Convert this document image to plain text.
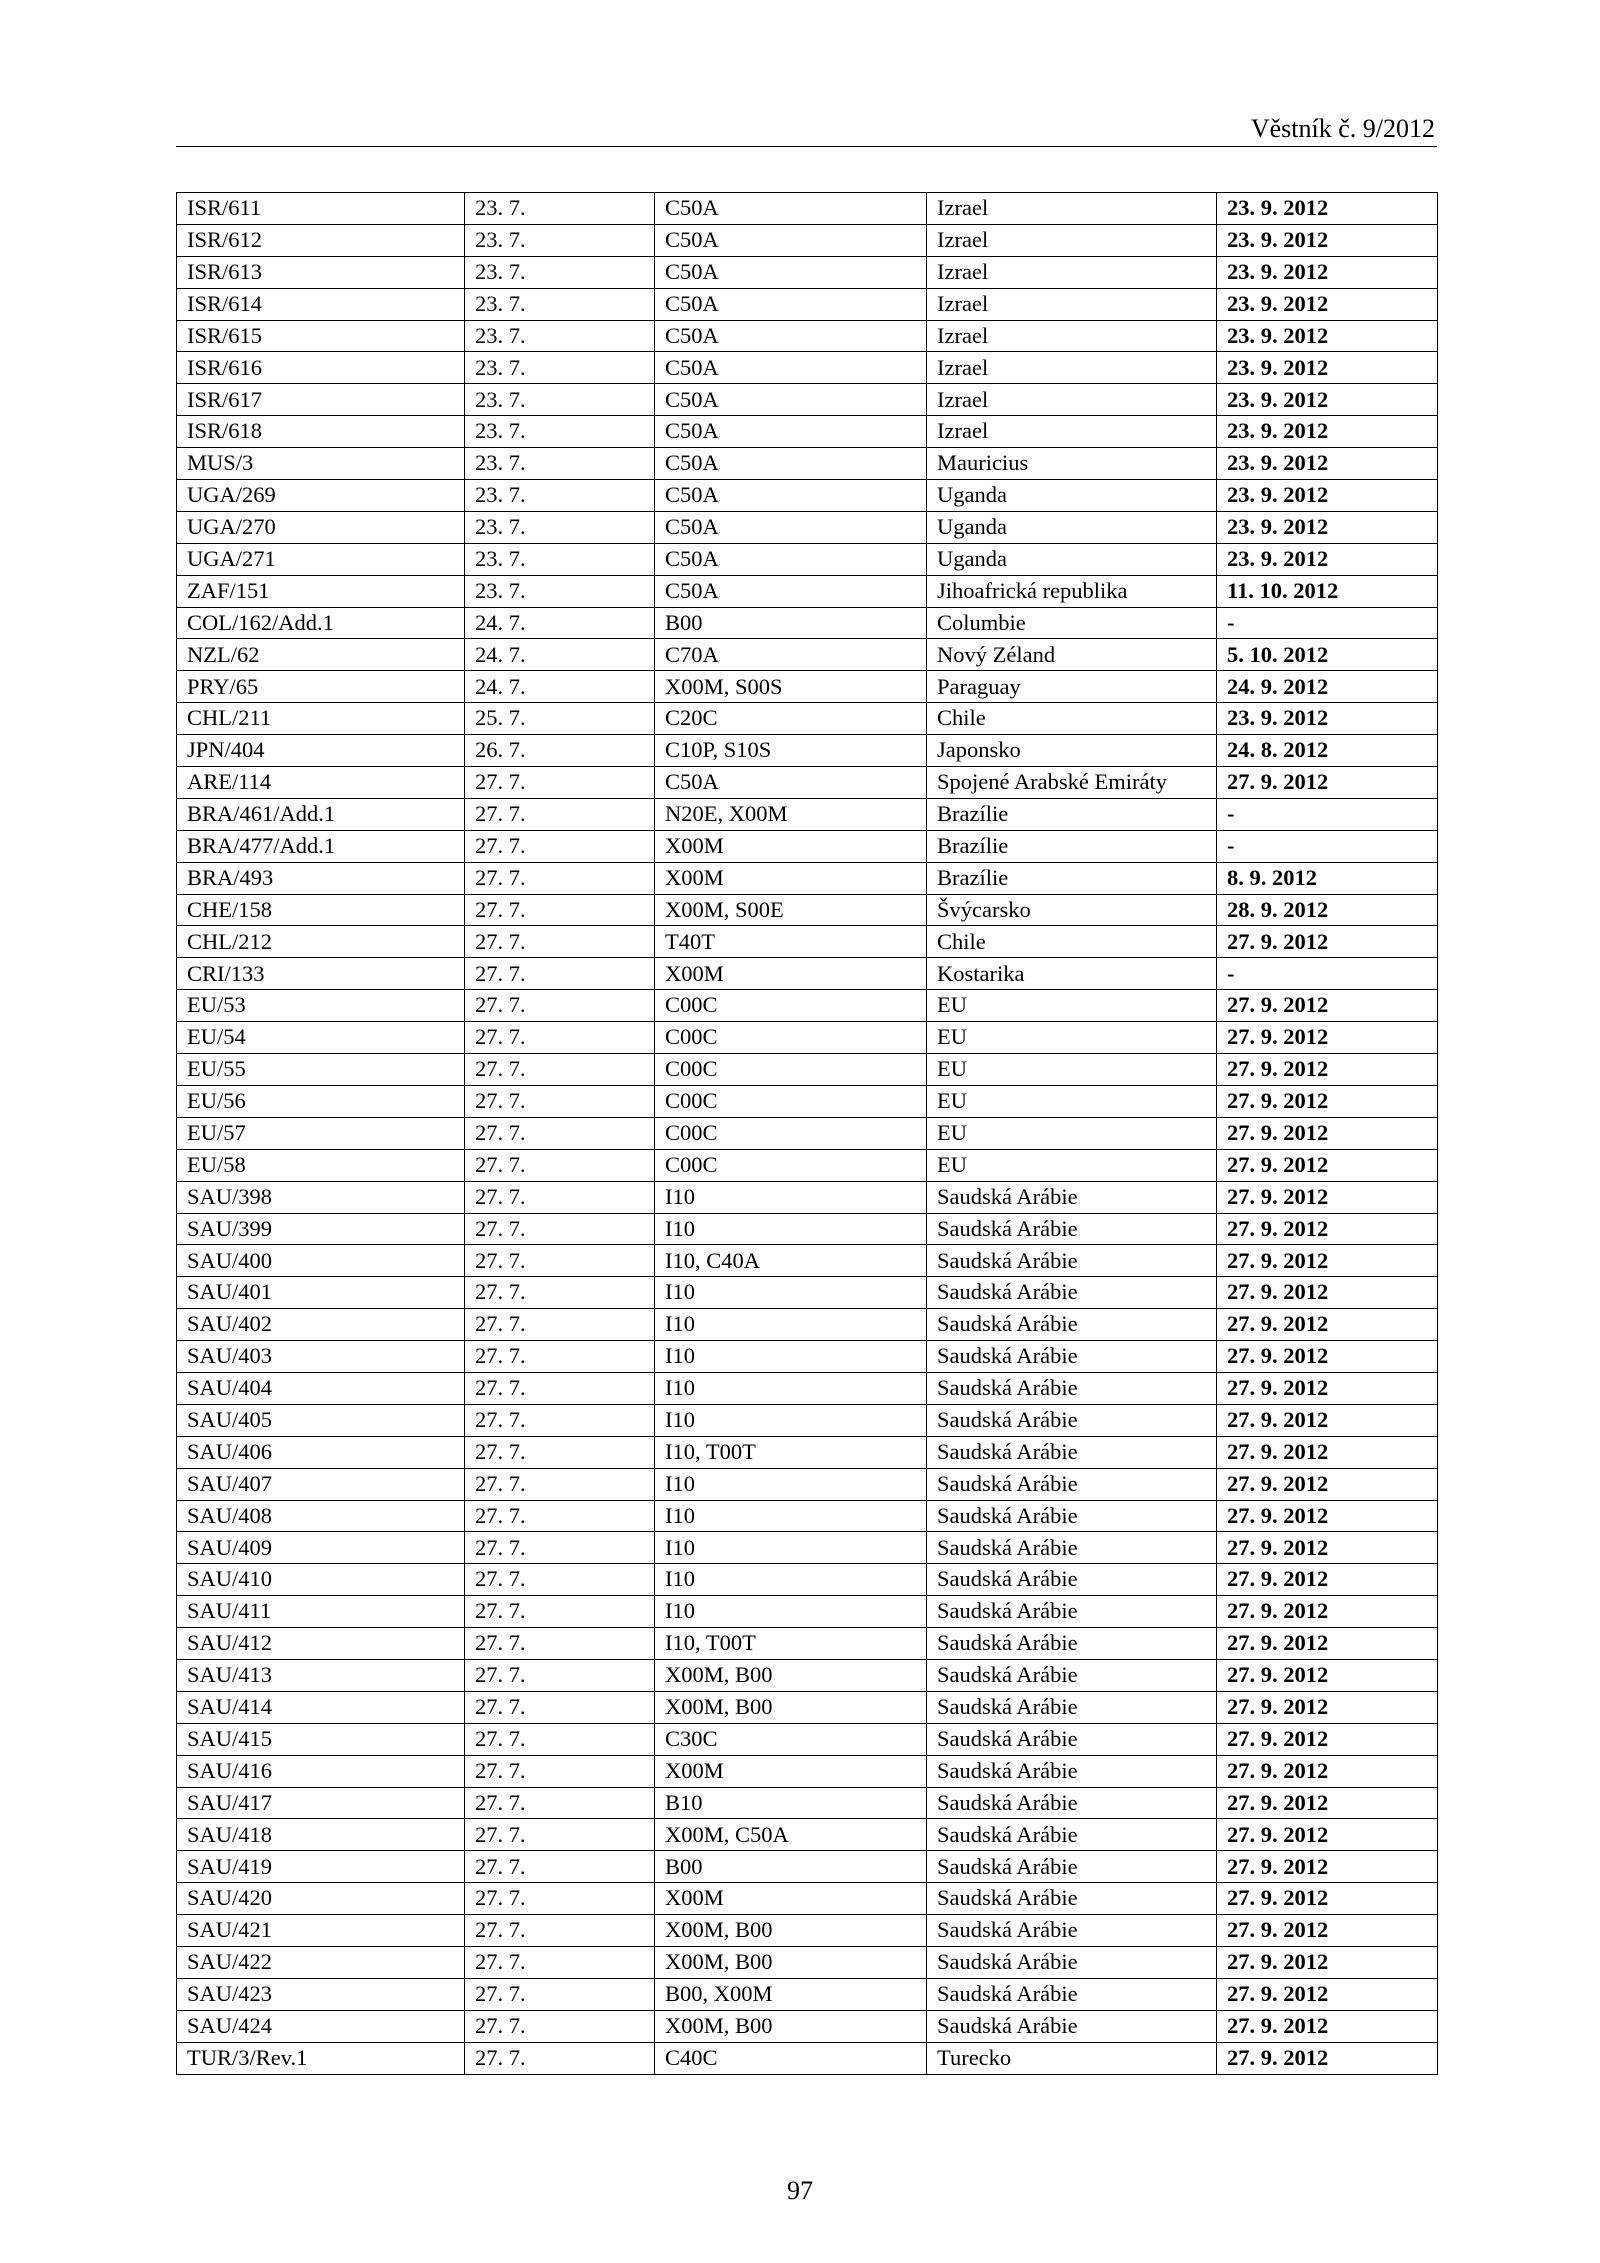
Věstník č. 9/2012
ISR/611	23. 7.	C50A	Izrael	23. 9. 2012
ISR/612	23. 7.	C50A	Izrael	23. 9. 2012
ISR/613	23. 7.	C50A	Izrael	23. 9. 2012
ISR/614	23. 7.	C50A	Izrael	23. 9. 2012
ISR/615	23. 7.	C50A	Izrael	23. 9. 2012
ISR/616	23. 7.	C50A	Izrael	23. 9. 2012
ISR/617	23. 7.	C50A	Izrael	23. 9. 2012
ISR/618	23. 7.	C50A	Izrael	23. 9. 2012
MUS/3	23. 7.	C50A	Mauricius	23. 9. 2012
UGA/269	23. 7.	C50A	Uganda	23. 9. 2012
UGA/270	23. 7.	C50A	Uganda	23. 9. 2012
UGA/271	23. 7.	C50A	Uganda	23. 9. 2012
ZAF/151	23. 7.	C50A	Jihoafrická republika	11. 10. 2012
COL/162/Add.1	24. 7.	B00	Columbie	-
NZL/62	24. 7.	C70A	Nový Zéland	5. 10. 2012
PRY/65	24. 7.	X00M, S00S	Paraguay	24. 9. 2012
CHL/211	25. 7.	C20C	Chile	23. 9. 2012
JPN/404	26. 7.	C10P, S10S	Japonsko	24. 8. 2012
ARE/114	27. 7.	C50A	Spojené Arabské Emiráty	27. 9. 2012
BRA/461/Add.1	27. 7.	N20E, X00M	Brazílie	-
BRA/477/Add.1	27. 7.	X00M	Brazílie	-
BRA/493	27. 7.	X00M	Brazílie	8. 9. 2012
CHE/158	27. 7.	X00M, S00E	Švýcarsko	28. 9. 2012
CHL/212	27. 7.	T40T	Chile	27. 9. 2012
CRI/133	27. 7.	X00M	Kostarika	-
EU/53	27. 7.	C00C	EU	27. 9. 2012
EU/54	27. 7.	C00C	EU	27. 9. 2012
EU/55	27. 7.	C00C	EU	27. 9. 2012
EU/56	27. 7.	C00C	EU	27. 9. 2012
EU/57	27. 7.	C00C	EU	27. 9. 2012
EU/58	27. 7.	C00C	EU	27. 9. 2012
SAU/398	27. 7.	I10	Saudská Arábie	27. 9. 2012
SAU/399	27. 7.	I10	Saudská Arábie	27. 9. 2012
SAU/400	27. 7.	I10, C40A	Saudská Arábie	27. 9. 2012
SAU/401	27. 7.	I10	Saudská Arábie	27. 9. 2012
SAU/402	27. 7.	I10	Saudská Arábie	27. 9. 2012
SAU/403	27. 7.	I10	Saudská Arábie	27. 9. 2012
SAU/404	27. 7.	I10	Saudská Arábie	27. 9. 2012
SAU/405	27. 7.	I10	Saudská Arábie	27. 9. 2012
SAU/406	27. 7.	I10, T00T	Saudská Arábie	27. 9. 2012
SAU/407	27. 7.	I10	Saudská Arábie	27. 9. 2012
SAU/408	27. 7.	I10	Saudská Arábie	27. 9. 2012
SAU/409	27. 7.	I10	Saudská Arábie	27. 9. 2012
SAU/410	27. 7.	I10	Saudská Arábie	27. 9. 2012
SAU/411	27. 7.	I10	Saudská Arábie	27. 9. 2012
SAU/412	27. 7.	I10, T00T	Saudská Arábie	27. 9. 2012
SAU/413	27. 7.	X00M, B00	Saudská Arábie	27. 9. 2012
SAU/414	27. 7.	X00M, B00	Saudská Arábie	27. 9. 2012
SAU/415	27. 7.	C30C	Saudská Arábie	27. 9. 2012
SAU/416	27. 7.	X00M	Saudská Arábie	27. 9. 2012
SAU/417	27. 7.	B10	Saudská Arábie	27. 9. 2012
SAU/418	27. 7.	X00M, C50A	Saudská Arábie	27. 9. 2012
SAU/419	27. 7.	B00	Saudská Arábie	27. 9. 2012
SAU/420	27. 7.	X00M	Saudská Arábie	27. 9. 2012
SAU/421	27. 7.	X00M, B00	Saudská Arábie	27. 9. 2012
SAU/422	27. 7.	X00M, B00	Saudská Arábie	27. 9. 2012
SAU/423	27. 7.	B00, X00M	Saudská Arábie	27. 9. 2012
SAU/424	27. 7.	X00M, B00	Saudská Arábie	27. 9. 2012
TUR/3/Rev.1	27. 7.	C40C	Turecko	27. 9. 2012
97
